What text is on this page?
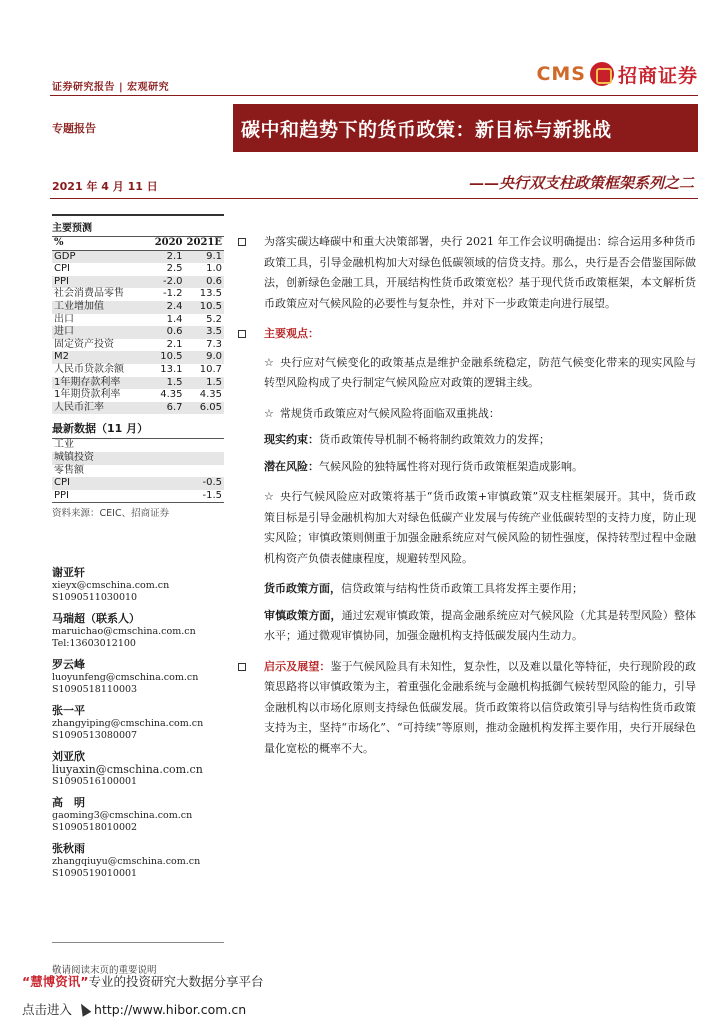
证券研究报告 | 宏观研究
CMS 招商证券
专题报告	碳中和趋势下的货币政策：新目标与新挑战
2021 年 4 月 11 日	——央行双支柱政策框架系列之二
主要预测
%	2020	2021E
GDP	2.1	9.1
CPI	2.5	1.0
PPI	-2.0	0.6
社会消费品零售	-1.2	13.5
工业增加值	2.4	10.5
出口	1.4	5.2
进口	0.6	3.5
固定资产投资	2.1	7.3
M2	10.5	9.0
人民币贷款余额	13.1	10.7
1年期存款利率	1.5	1.5
1年期贷款利率	4.35	4.35
人民币汇率	6.7	6.05
最新数据（11 月）
工业	
城镇投资	
零售额	
CPI	-0.5
PPI	-1.5
资料来源：CEIC、招商证券
谢亚轩
xieyx@cmschina.com.cn
S1090511030010
马瑞超（联系人）
maruichao@cmschina.com.cn
Tel:13603012100
罗云峰
luoyunfeng@cmschina.com.cn
S1090518110003
张一平
zhangyiping@cmschina.com.cn
S1090513080007
刘亚欣
liuyaxin@cmschina.com.cn
S1090516100001
高　明
gaoming3@cmschina.com.cn
S1090518010002
张秋雨
zhangqiuyu@cmschina.com.cn
S1090519010001
敬请阅读末页的重要说明
“慧博资讯”专业的投资研究大数据分享平台
点击进入 http://www.hibor.com.cn
为落实碳达峰碳中和重大决策部署，央行 2021 年工作会议明确提出：综合运用多种货币政策工具，引导金融机构加大对绿色低碳领域的信贷支持。那么，央行是否会借鉴国际做法，创新绿色金融工具，开展结构性货币政策宽松？基于现代货币政策框架，本文解析货币政策应对气候风险的必要性与复杂性，并对下一步政策走向进行展望。
主要观点：
☆ 央行应对气候变化的政策基点是维护金融系统稳定，防范气候变化带来的现实风险与转型风险构成了央行制定气候风险应对政策的逻辑主线。
☆ 常规货币政策应对气候风险将面临双重挑战：
现实约束：货币政策传导机制不畅将制约政策效力的发挥；
潜在风险：气候风险的独特属性将对现行货币政策框架造成影响。
☆ 央行气候风险应对政策将基于“货币政策+审慎政策”双支柱框架展开。其中，货币政策目标是引导金融机构加大对绿色低碳产业发展与传统产业低碳转型的支持力度，防止现实风险；审慎政策则侧重于加强金融系统应对气候风险的韧性强度，保持转型过程中金融机构资产负债表健康程度，规避转型风险。
货币政策方面，信贷政策与结构性货币政策工具将发挥主要作用；
审慎政策方面，通过宏观审慎政策，提高金融系统应对气候风险（尤其是转型风险）整体水平；通过微观审慎协同，加强金融机构支持低碳发展内生动力。
启示及展望：鉴于气候风险具有未知性，复杂性，以及难以量化等特征，央行现阶段的政策思路将以审慎政策为主，着重强化金融系统与金融机构抵御气候转型风险的能力，引导金融机构以市场化原则支持绿色低碳发展。货币政策将以信贷政策引导与结构性货币政策支持为主，坚持“市场化”、“可持续”等原则，推动金融机构发挥主要作用，央行开展绿色量化宽松的概率不大。
